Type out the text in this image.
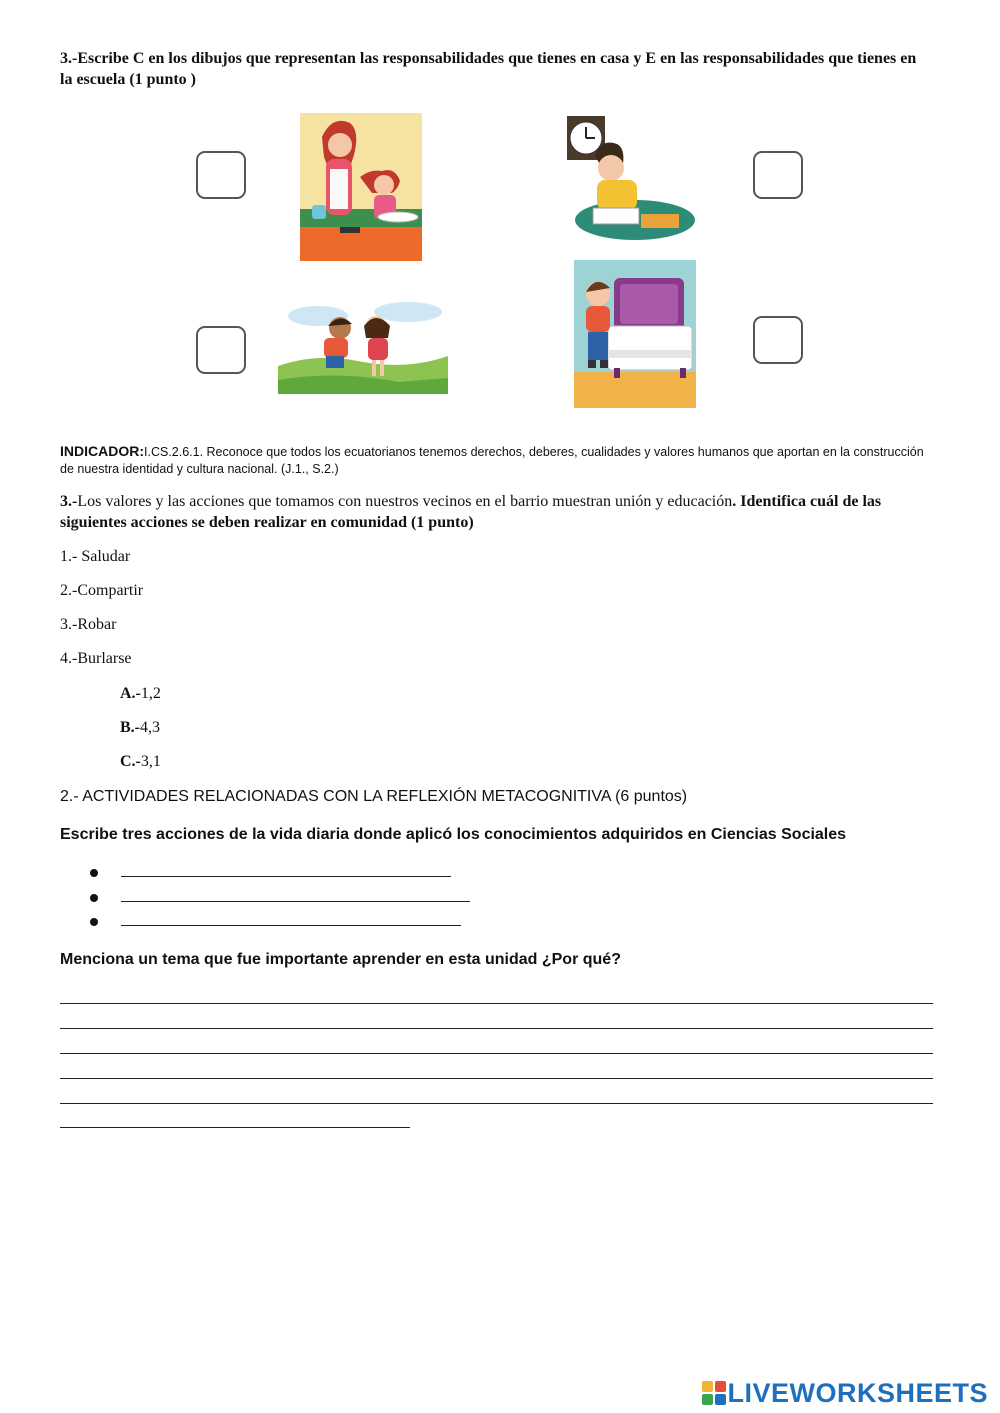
3.-Escribe C en los dibujos que representan las responsabilidades que tienes en casa y E en las responsabilidades que tienes en la escuela (1 punto )
INDICADOR:I.CS.2.6.1. Reconoce que todos los ecuatorianos tenemos derechos, deberes, cualidades y valores humanos que aportan en la construcción de nuestra identidad y cultura nacional. (J.1., S.2.)
3.-Los valores y las acciones que tomamos con nuestros vecinos en el barrio muestran unión y educación. Identifica cuál de las siguientes acciones se deben realizar en comunidad (1 punto)
1.- Saludar
2.-Compartir
3.-Robar
4.-Burlarse
A.-1,2
B.-4,3
C.-3,1
2.- ACTIVIDADES RELACIONADAS CON LA REFLEXIÓN METACOGNITIVA (6 puntos)
Escribe tres acciones de la vida diaria donde aplicó los conocimientos adquiridos en Ciencias Sociales
Menciona un tema que fue importante aprender en esta unidad ¿Por qué?
LIVEWORKSHEETS
